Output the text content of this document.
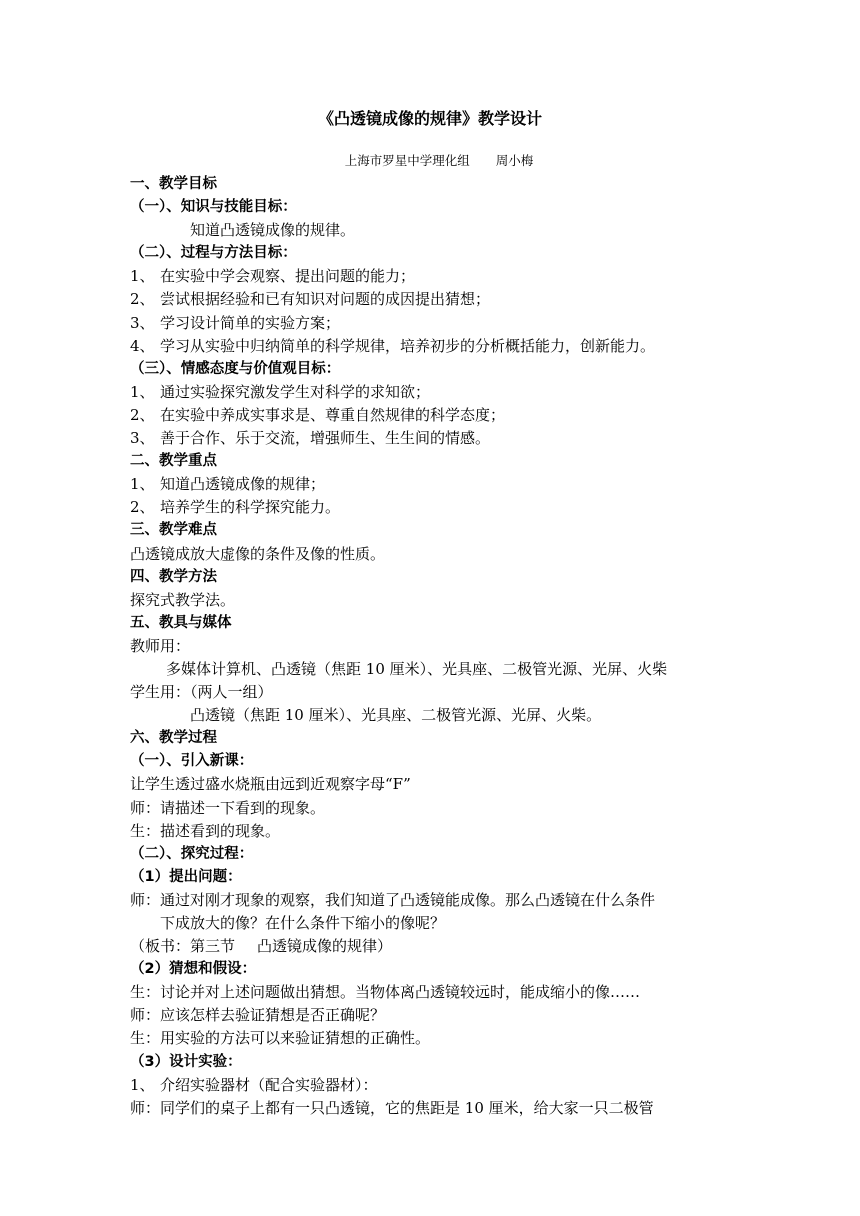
《凸透镜成像的规律》教学设计
上海市罗星中学理化组 周小梅
一、教学目标
（一）、知识与技能目标：
知道凸透镜成像的规律。
（二）、过程与方法目标：
1、 在实验中学会观察、提出问题的能力；
2、 尝试根据经验和已有知识对问题的成因提出猜想；
3、 学习设计简单的实验方案；
4、 学习从实验中归纳简单的科学规律，培养初步的分析概括能力，创新能力。
（三）、情感态度与价值观目标：
1、 通过实验探究激发学生对科学的求知欲；
2、 在实验中养成实事求是、尊重自然规律的科学态度；
3、 善于合作、乐于交流，增强师生、生生间的情感。
二、教学重点
1、 知道凸透镜成像的规律；
2、 培养学生的科学探究能力。
三、教学难点
凸透镜成放大虚像的条件及像的性质。
四、教学方法
探究式教学法。
五、教具与媒体
教师用：
多媒体计算机、凸透镜（焦距 10 厘米）、光具座、二极管光源、光屏、火柴
学生用：（两人一组）
凸透镜（焦距 10 厘米）、光具座、二极管光源、光屏、火柴。
六、教学过程
（一）、引入新课：
让学生透过盛水烧瓶由远到近观察字母“F”
师：请描述一下看到的现象。
生：描述看到的现象。
（二）、探究过程：
（1）提出问题：
师：通过对刚才现象的观察，我们知道了凸透镜能成像。那么凸透镜在什么条件
下成放大的像？在什么条件下缩小的像呢？
（板书：第三节 凸透镜成像的规律）
（2）猜想和假设：
生：讨论并对上述问题做出猜想。当物体离凸透镜较远时，能成缩小的像……
师：应该怎样去验证猜想是否正确呢？
生：用实验的方法可以来验证猜想的正确性。
（3）设计实验：
1、 介绍实验器材（配合实验器材）：
师：同学们的桌子上都有一只凸透镜，它的焦距是 10 厘米，给大家一只二极管
